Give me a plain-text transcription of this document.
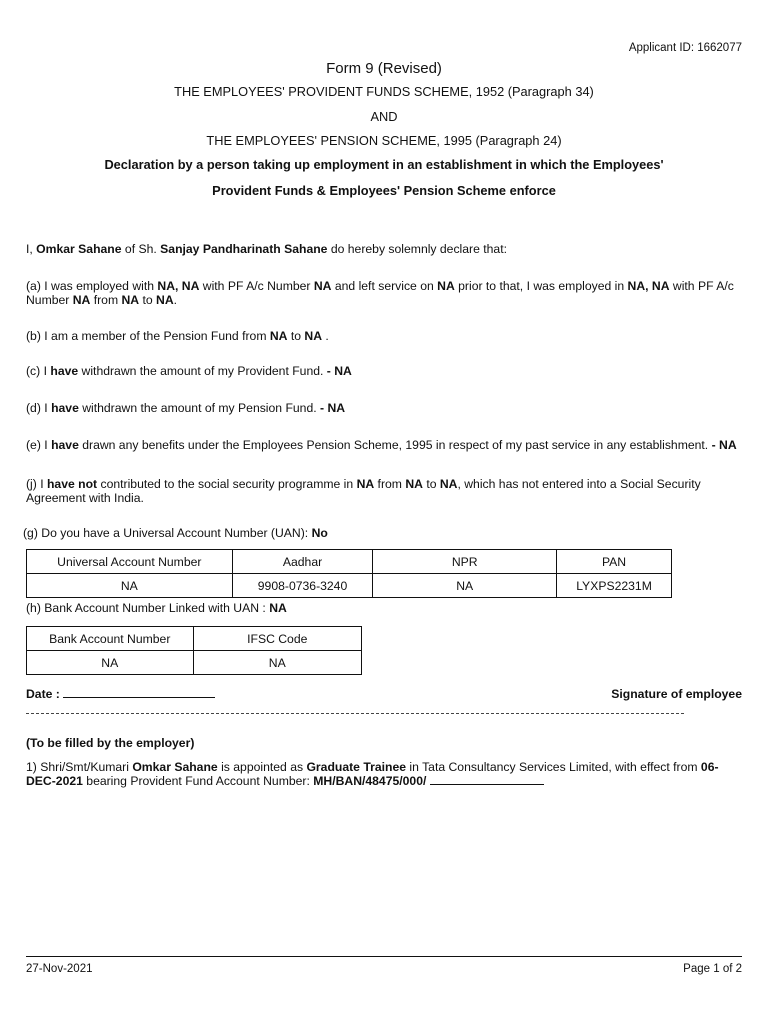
Applicant ID: 1662077
Form 9 (Revised)
THE EMPLOYEES' PROVIDENT FUNDS SCHEME, 1952 (Paragraph 34)
AND
THE EMPLOYEES' PENSION SCHEME, 1995 (Paragraph 24)
Declaration by a person taking up employment in an establishment in which the Employees'
Provident Funds & Employees' Pension Scheme enforce
I, Omkar Sahane of Sh. Sanjay Pandharinath Sahane do hereby solemnly declare that:
(a) I was employed with NA, NA with PF A/c Number NA and left service on NA prior to that, I was employed in NA, NA with PF A/c Number NA from NA to NA.
(b) I am a member of the Pension Fund from NA to NA .
(c) I have withdrawn the amount of my Provident Fund. - NA
(d) I have withdrawn the amount of my Pension Fund. - NA
(e) I have drawn any benefits under the Employees Pension Scheme, 1995 in respect of my past service in any establishment. - NA
(j) I have not contributed to the social security programme in NA from NA to NA, which has not entered into a Social Security Agreement with India.
(g) Do you have a Universal Account Number (UAN): No
Universal Account Number	Aadhar	NPR	PAN
NA	9908-0736-3240	NA	LYXPS2231M
(h) Bank Account Number Linked with UAN : NA
Bank Account Number	IFSC Code
NA	NA
Date :	Signature of employee
(To be filled by the employer)
1) Shri/Smt/Kumari Omkar Sahane is appointed as Graduate Trainee in Tata Consultancy Services Limited, with effect from 06-DEC-2021 bearing Provident Fund Account Number: MH/BAN/48475/000/
27-Nov-2021	Page 1 of 2
